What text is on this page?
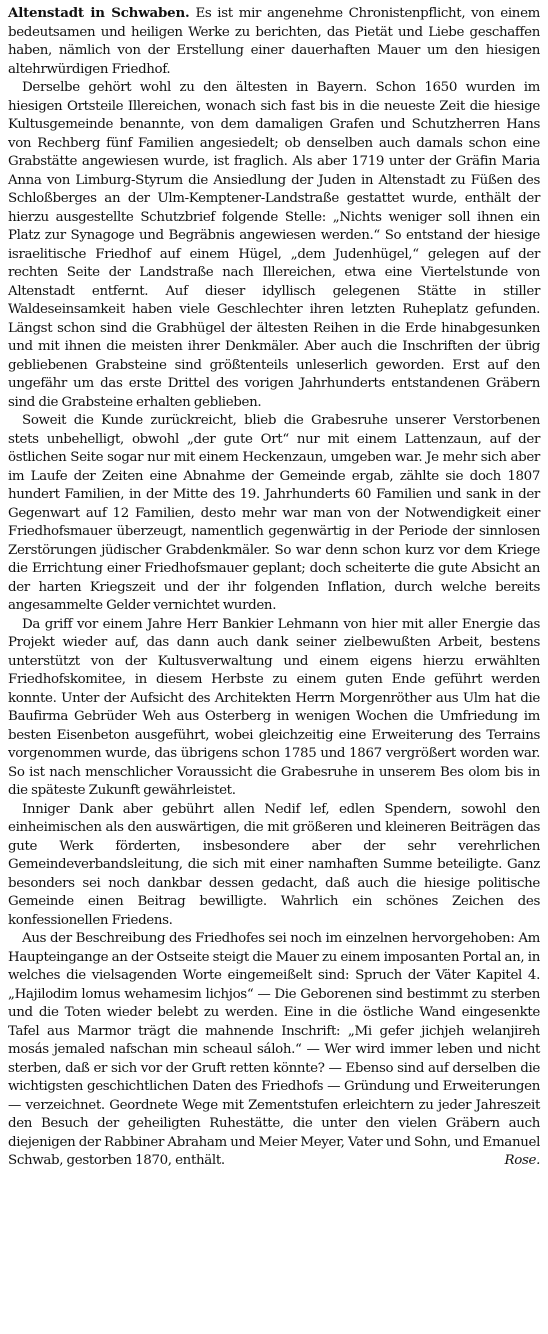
Altenstadt in Schwaben. Es ist mir angenehme Chronistenpflicht, von einem bedeutsamen und heiligen Werke zu berichten, das Pietät und Liebe geschaffen haben, nämlich von der Erstellung einer dauerhaften Mauer um den hiesigen altehrwürdigen Friedhof.

Derselbe gehört wohl zu den ältesten in Bayern. Schon 1650 wurden im hiesigen Ortsteile Illereichen, wonach sich fast bis in die neueste Zeit die hiesige Kultusgemeinde benannte, von dem damaligen Grafen und Schutzherren Hans von Rechberg fünf Familien angesiedelt; ob denselben auch damals schon eine Grabstätte angewiesen wurde, ist fraglich. Als aber 1719 unter der Gräfin Maria Anna von Limburg-Styrum die Ansiedlung der Juden in Altenstadt zu Füßen des Schloßberges an der Ulm-Kemptener-Landstraße gestattet wurde, enthält der hierzu ausgestellte Schutzbrief folgende Stelle: „Nichts weniger soll ihnen ein Platz zur Synagoge und Begräbnis angewiesen werden.“ So entstand der hiesige israelitische Friedhof auf einem Hügel, „dem Judenhügel,“ gelegen auf der rechten Seite der Landstraße nach Illereichen, etwa eine Viertelstunde von Altenstadt entfernt. Auf dieser idyllisch gelegenen Stätte in stiller Waldeseinsamkeit haben viele Geschlechter ihren letzten Ruheplatz gefunden. Längst schon sind die Grabhügel der ältesten Reihen in die Erde hinabgesunken und mit ihnen die meisten ihrer Denkmäler. Aber auch die Inschriften der übrig gebliebenen Grabsteine sind größtenteils unleserlich geworden. Erst auf den ungefähr um das erste Drittel des vorigen Jahrhunderts entstandenen Gräbern sind die Grabsteine erhalten geblieben.

Soweit die Kunde zurückreicht, blieb die Grabesruhe unserer Verstorbenen stets unbehelligt, obwohl „der gute Ort“ nur mit einem Lattenzaun, auf der östlichen Seite sogar nur mit einem Heckenzaun, umgeben war. Je mehr sich aber im Laufe der Zeiten eine Abnahme der Gemeinde ergab, zählte sie doch 1807 hundert Familien, in der Mitte des 19. Jahrhunderts 60 Familien und sank in der Gegenwart auf 12 Familien, desto mehr war man von der Notwendigkeit einer Friedhofsmauer überzeugt, namentlich gegenwärtig in der Periode der sinnlosen Zerstörungen jüdischer Grabdenkmäler. So war denn schon kurz vor dem Kriege die Errichtung einer Friedhofsmauer geplant; doch scheiterte die gute Absicht an der harten Kriegszeit und der ihr folgenden Inflation, durch welche bereits angesammelte Gelder vernichtet wurden.

Da griff vor einem Jahre Herr Bankier Lehmann von hier mit aller Energie das Projekt wieder auf, das dann auch dank seiner zielbewußten Arbeit, bestens unterstützt von der Kultusverwaltung und einem eigens hierzu erwählten Friedhofskomitee, in diesem Herbste zu einem guten Ende geführt werden konnte. Unter der Aufsicht des Architekten Herrn Morgenröther aus Ulm hat die Baufirma Gebrüder Weh aus Osterberg in wenigen Wochen die Umfriedung im besten Eisenbeton ausgeführt, wobei gleichzeitig eine Erweiterung des Terrains vorgenommen wurde, das übrigens schon 1785 und 1867 vergrößert worden war. So ist nach menschlicher Voraussicht die Grabesruhe in unserem Bes olom bis in die späteste Zukunft gewährleistet.

Inniger Dank aber gebührt allen Nedif lef, edlen Spendern, sowohl den einheimischen als den auswärtigen, die mit größeren und kleineren Beiträgen das gute Werk förderten, insbesondere aber der sehr verehrlichen Gemeindeverbandsleitung, die sich mit einer namhaften Summe beteiligte. Ganz besonders sei noch dankbar dessen gedacht, daß auch die hiesige politische Gemeinde einen Beitrag bewilligte. Wahrlich ein schönes Zeichen des konfessionellen Friedens.

Aus der Beschreibung des Friedhofes sei noch im einzelnen hervorgehoben: Am Haupteingange an der Ostseite steigt die Mauer zu einem imposanten Portal an, in welches die vielsagenden Worte eingemeißelt sind: Spruch der Väter Kapitel 4. „Hajilodim lomus wehamesim lichjos“ — Die Geborenen sind bestimmt zu sterben und die Toten wieder belebt zu werden. Eine in die östliche Wand eingesenkte Tafel aus Marmor trägt die mahnende Inschrift: „Mi gefer jichjeh welanjireh mosás jemaled nafschan min scheaul sáloh.“ — Wer wird immer leben und nicht sterben, daß er sich vor der Gruft retten könnte? — Ebenso sind auf derselben die wichtigsten geschichtlichen Daten des Friedhofs — Gründung und Erweiterungen — verzeichnet. Geordnete Wege mit Zementstufen erleichtern zu jeder Jahreszeit den Besuch der geheiligten Ruhestätte, die unter den vielen Gräbern auch diejenigen der Rabbiner Abraham und Meier Meyer, Vater und Sohn, und Emanuel Schwab, gestorben 1870, enthält.	Rose.
